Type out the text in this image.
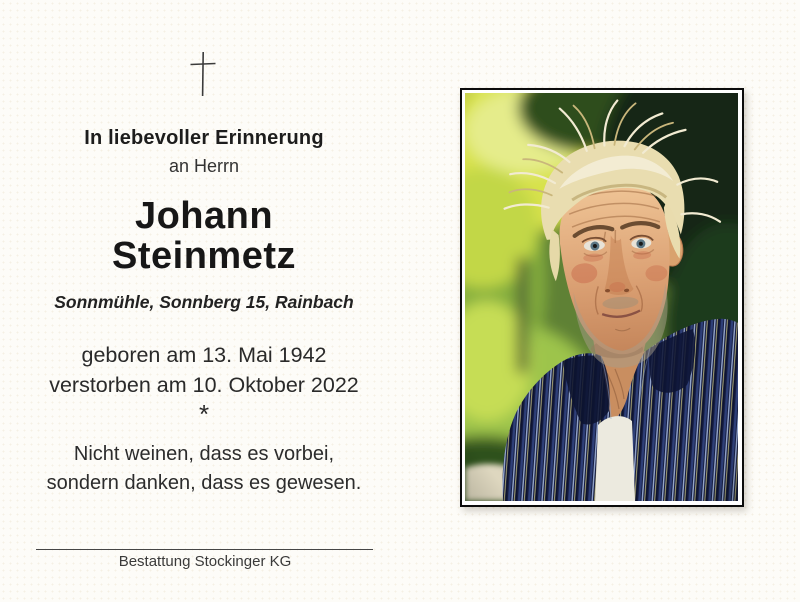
In liebevoller Erinnerung
an Herrn
Johann
Steinmetz
Sonnmühle, Sonnberg 15, Rainbach
geboren am 13. Mai 1942
verstorben am 10. Oktober 2022
*
Nicht weinen, dass es vorbei,
sondern danken, dass es gewesen.
Bestattung Stockinger KG
